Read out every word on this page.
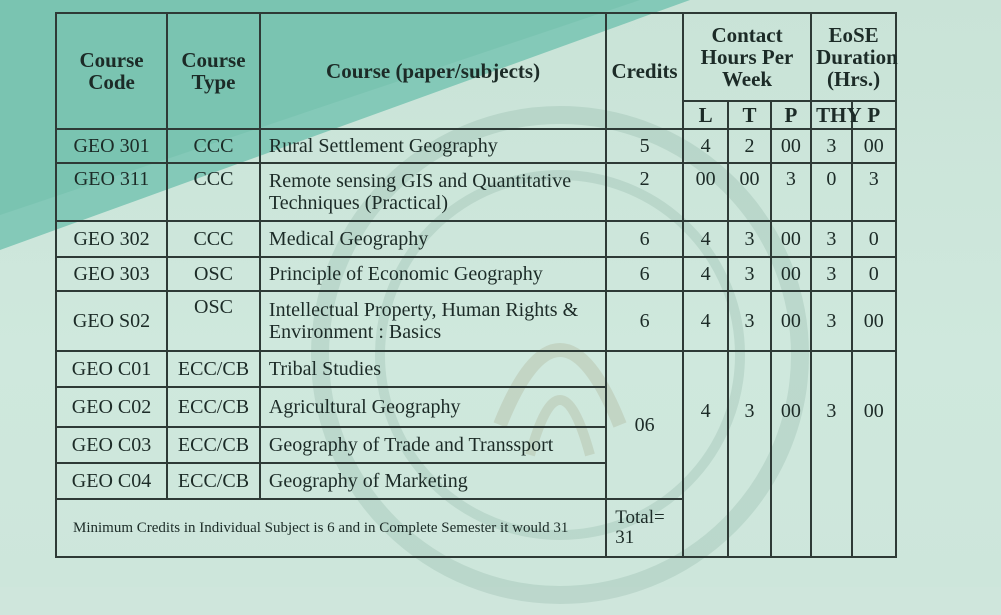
Course Code	Course Type	Course (paper/subjects)	Credits	Contact Hours Per Week			EoSE Duration (Hrs.)	
				L	T	P	THY	P
GEO 301	CCC	Rural Settlement Geography	5	4	2	00	3	00
GEO 311	CCC	Remote sensing GIS and Quantitative Techniques (Practical)	2	00	00	3	0	3
GEO 302	CCC	Medical Geography	6	4	3	00	3	0
GEO 303	OSC	Principle of Economic Geography	6	4	3	00	3	0
GEO S02	OSC	Intellectual Property, Human Rights & Environment : Basics	6	4	3	00	3	00
GEO C01	ECC/CB	Tribal Studies	06	4	3	00	3	00
GEO C02	ECC/CB	Agricultural Geography						
GEO C03	ECC/CB	Geography of Trade and Transsport						
GEO C04	ECC/CB	Geography of Marketing						
Minimum Credits in Individual Subject is 6 and in Complete Semester it would 31			Total= 31					
